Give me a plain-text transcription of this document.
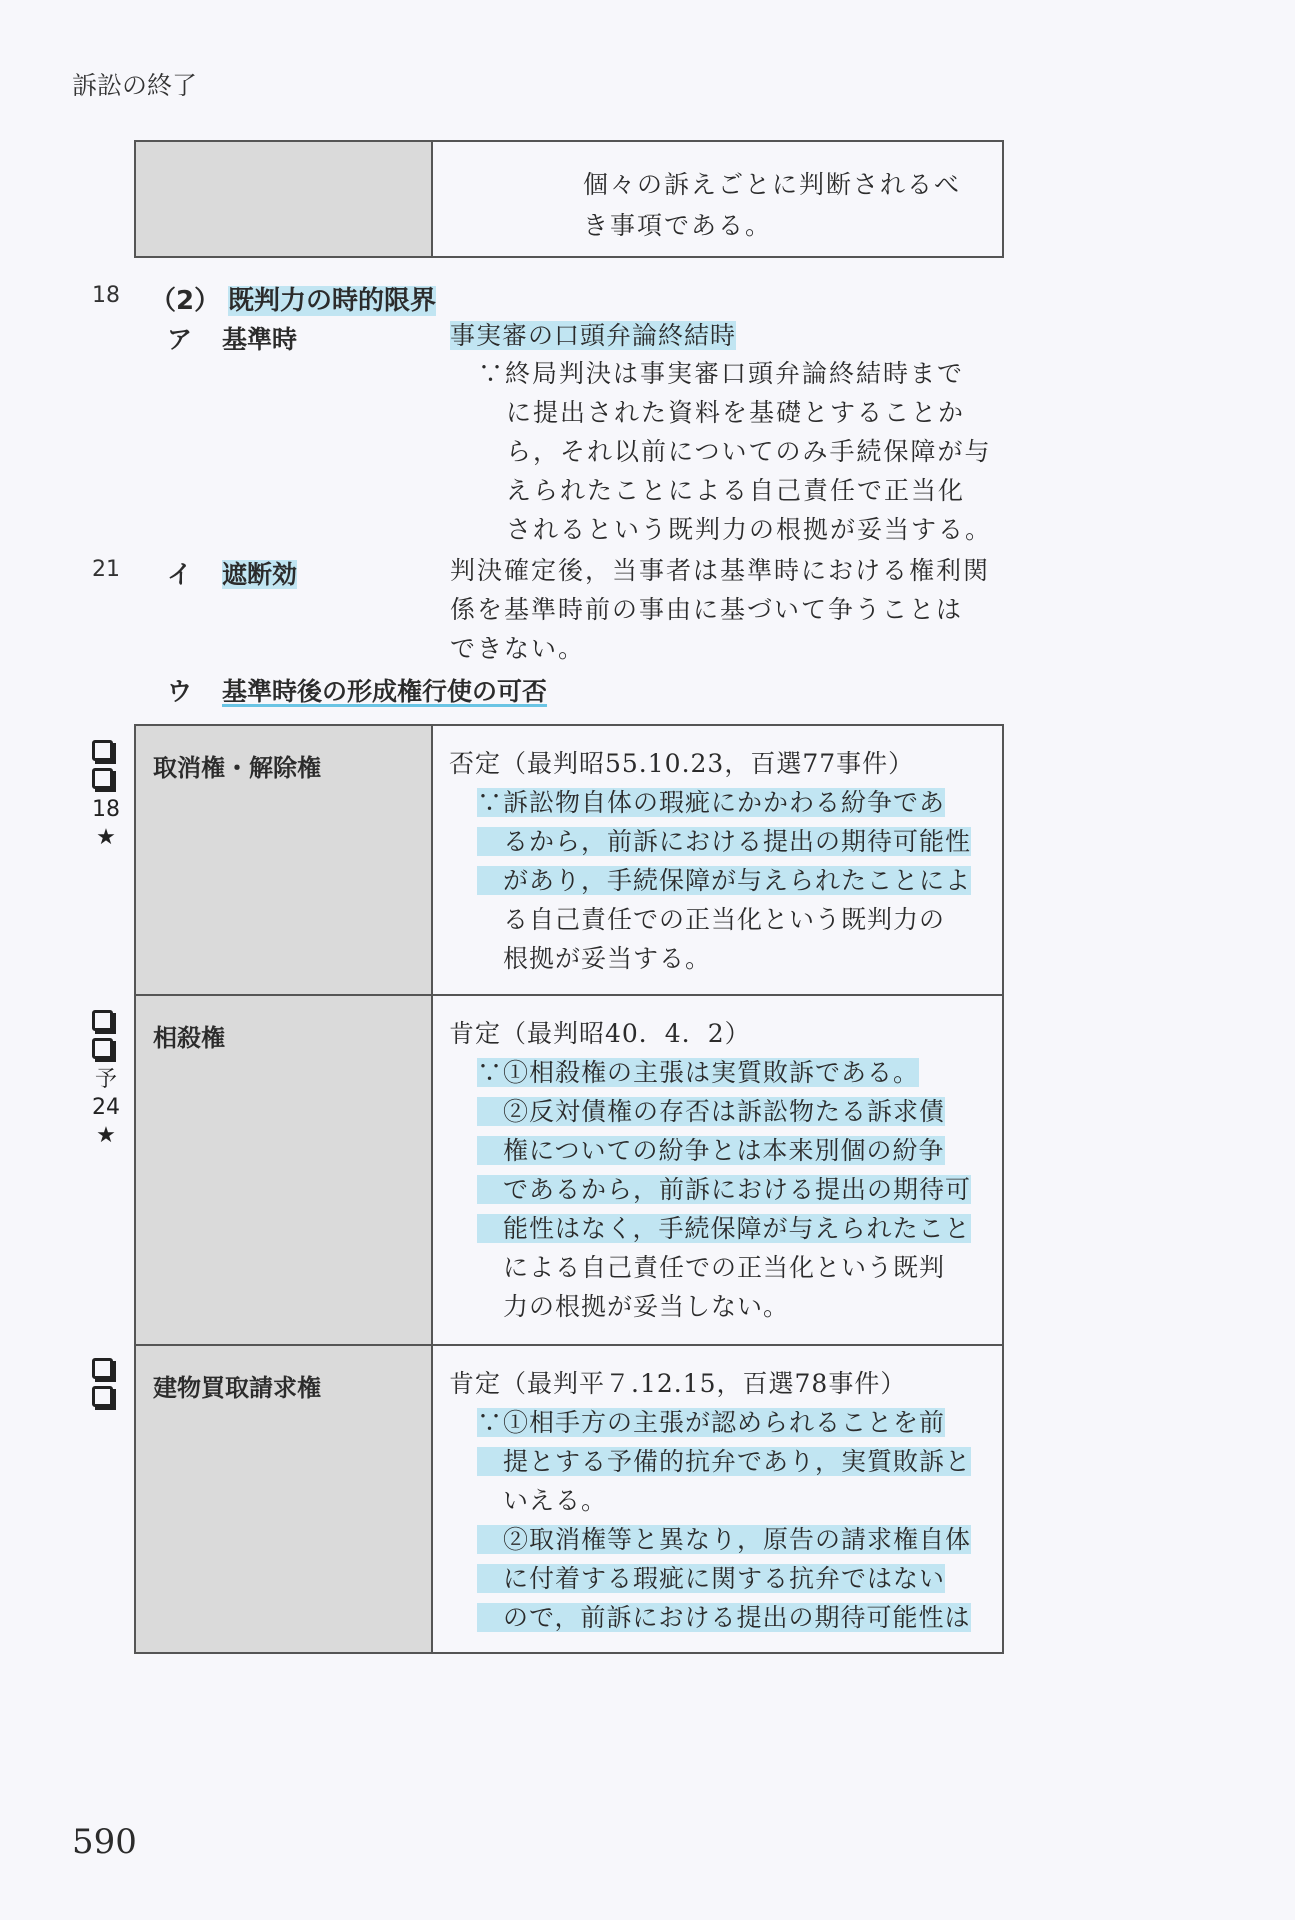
訴訟の終了
個々の訴えごとに判断されるべ
き事項である。
18 （2） 既判力の時的限界
ア 基準時	事実審の口頭弁論終結時
∵終局判決は事実審口頭弁論終結時まで
に提出された資料を基礎とすることか
ら，それ以前についてのみ手続保障が与
えられたことによる自己責任で正当化
されるという既判力の根拠が妥当する。
21 イ 遮断効	判決確定後，当事者は基準時における権利関
係を基準時前の事由に基づいて争うことは
できない。
ウ 基準時後の形成権行使の可否
取消権・解除権	否定（最判昭55.10.23，百選77事件）
∵訴訟物自体の瑕疵にかかわる紛争であ
　るから，前訴における提出の期待可能性
　があり，手続保障が与えられたことによ
　る自己責任での正当化という既判力の
　根拠が妥当する。
相殺権	肯定（最判昭40．4．2）
∵①相殺権の主張は実質敗訴である。
　②反対債権の存否は訴訟物たる訴求債
　権についての紛争とは本来別個の紛争
　であるから，前訴における提出の期待可
　能性はなく，手続保障が与えられたこと
　による自己責任での正当化という既判
　力の根拠が妥当しない。
建物買取請求権	肯定（最判平７.12.15，百選78事件）
∵①相手方の主張が認められることを前
　提とする予備的抗弁であり，実質敗訴と
　いえる。
　②取消権等と異なり，原告の請求権自体
　に付着する瑕疵に関する抗弁ではない
　ので，前訴における提出の期待可能性は
18
★
予
24
★
590
